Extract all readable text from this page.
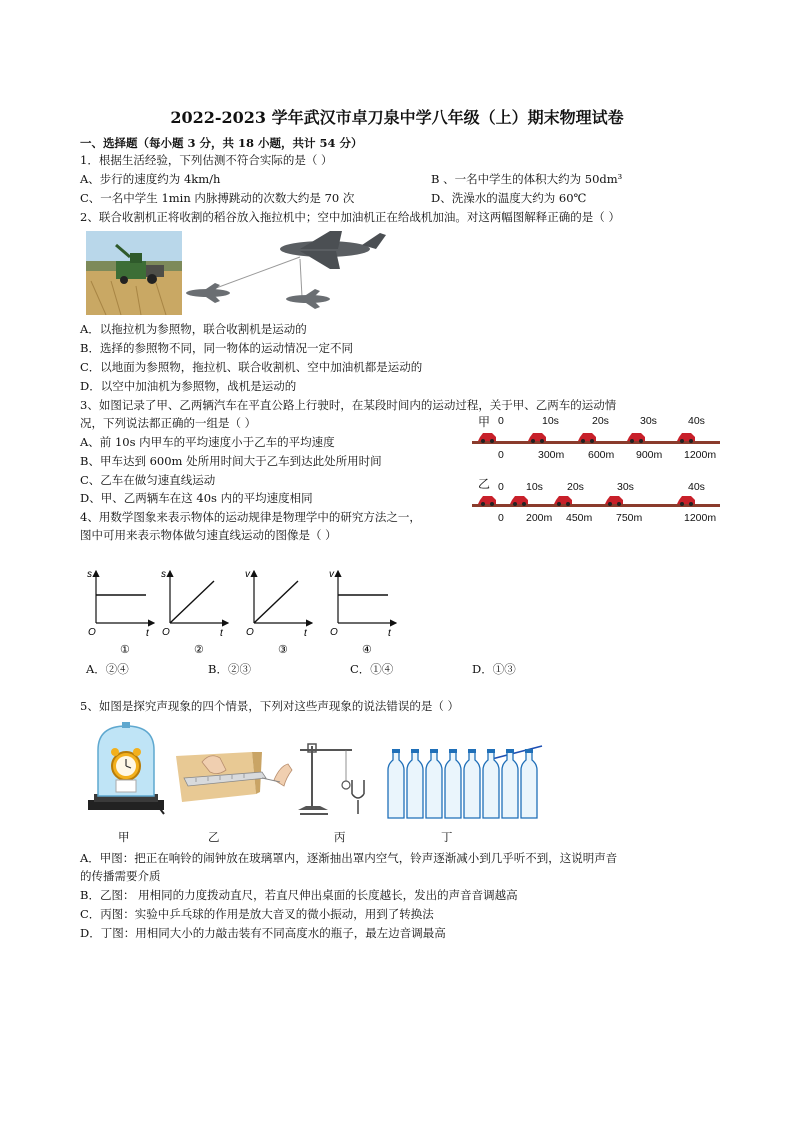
2022-2023 学年武汉市卓刀泉中学八年级（上）期末物理试卷
一、选择题（每小题 3 分，共 18 小题，共计 54 分）
1．根据生活经验，下列估测不符合实际的是（ ）
A、步行的速度约为 4km/h	B 、一名中学生的体积大约为 50dm³
C、一名中学生 1min 内脉搏跳动的次数大约是 70 次	D、洗澡水的温度大约为 60℃
2、联合收割机正将收割的稻谷放入拖拉机中；空中加油机正在给战机加油。对这两幅图解释正确的是（ ）
A．以拖拉机为参照物，联合收割机是运动的
B．选择的参照物不同，同一物体的运动情况一定不同
C．以地面为参照物，拖拉机、联合收割机、空中加油机都是运动的
D．以空中加油机为参照物，战机是运动的
3、如图记录了甲、乙两辆汽车在平直公路上行驶时，在某段时间内的运动过程，关于甲、乙两车的运动情
况，下列说法都正确的一组是（ ）
A、前 10s 内甲车的平均速度小于乙车的平均速度
B、甲车达到 600m 处所用时间大于乙车到达此处所用时间
C、乙车在做匀速直线运动
D、甲、乙两辆车在这 40s 内的平均速度相同
甲 0	10s	20s	30s	40s
0	300m 600m 900m 1200m
乙 0 10s 20s	30s	40s
0 200m 450m 750m	1200m
4、用数学图象来表示物体的运动规律是物理学中的研究方法之一，
图中可用来表示物体做匀速直线运动的图像是（ ）
s
t
O
①
s
t
O
②
v
t
O
③
v
t
O
④
A．②④	B．②③	C．①④	D．①③
5、如图是探究声现象的四个情景，下列对这些声现象的说法错误的是（ ）
甲	乙	丙	丁
A．甲图：把正在响铃的闹钟放在玻璃罩内，逐渐抽出罩内空气，铃声逐渐减小到几乎听不到，这说明声音
的传播需要介质
B．乙图： 用相同的力度拨动直尺，若直尺伸出桌面的长度越长，发出的声音音调越高
C．丙图：实验中乒乓球的作用是放大音叉的微小振动，用到了转换法
D．丁图：用相同大小的力敲击装有不同高度水的瓶子，最左边音调最高
